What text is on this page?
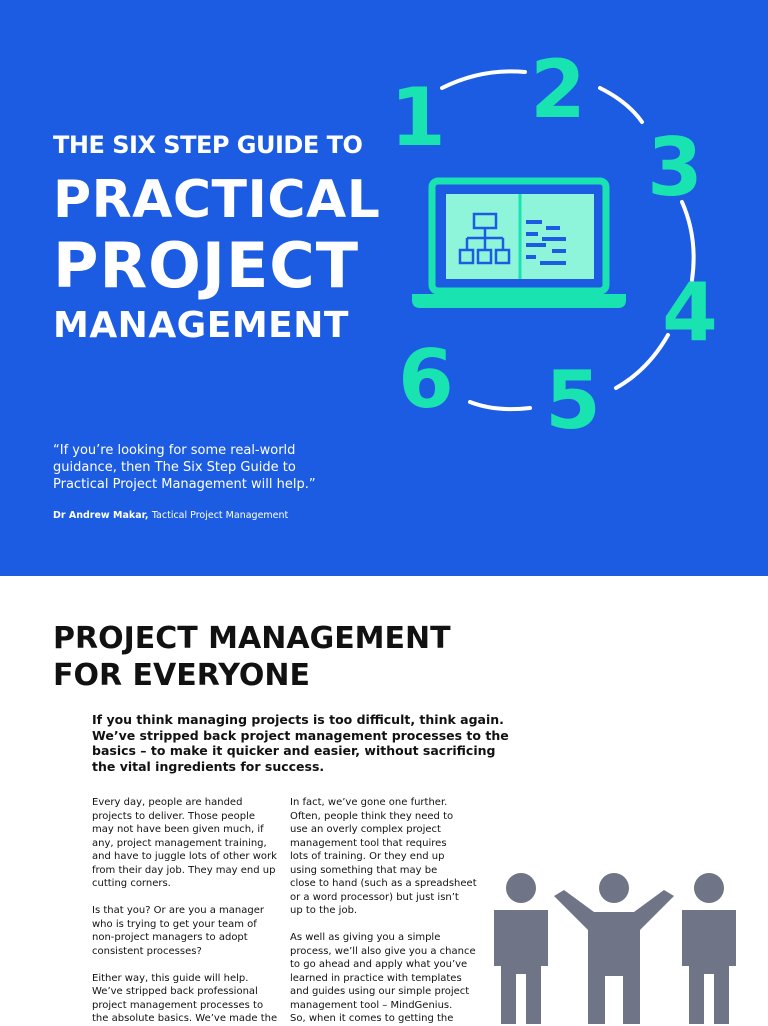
THE SIX STEP GUIDE TO
PRACTICAL
PROJECT
MANAGEMENT
“If you’re looking for some real-world
guidance, then The Six Step Guide to
Practical Project Management will help.”
Dr Andrew Makar, Tactical Project Management
1 2
3
4
5
6
PROJECT MANAGEMENT
FOR EVERYONE
If you think managing projects is too difficult, think again.
We’ve stripped back project management processes to the
basics – to make it quicker and easier, without sacrificing
the vital ingredients for success.
Every day, people are handed
projects to deliver. Those people
may not have been given much, if
any, project management training,
and have to juggle lots of other work
from their day job. They may end up
cutting corners.
Is that you? Or are you a manager
who is trying to get your team of
non-project managers to adopt
consistent processes?
Either way, this guide will help.
We’ve stripped back professional
project management processes to
the absolute basics. We’ve made the
In fact, we’ve gone one further.
Often, people think they need to
use an overly complex project
management tool that requires
lots of training. Or they end up
using something that may be
close to hand (such as a spreadsheet
or a word processor) but just isn’t
up to the job.
As well as giving you a simple
process, we’ll also give you a chance
to go ahead and apply what you’ve
learned in practice with templates
and guides using our simple project
management tool – MindGenius.
So, when it comes to getting the
